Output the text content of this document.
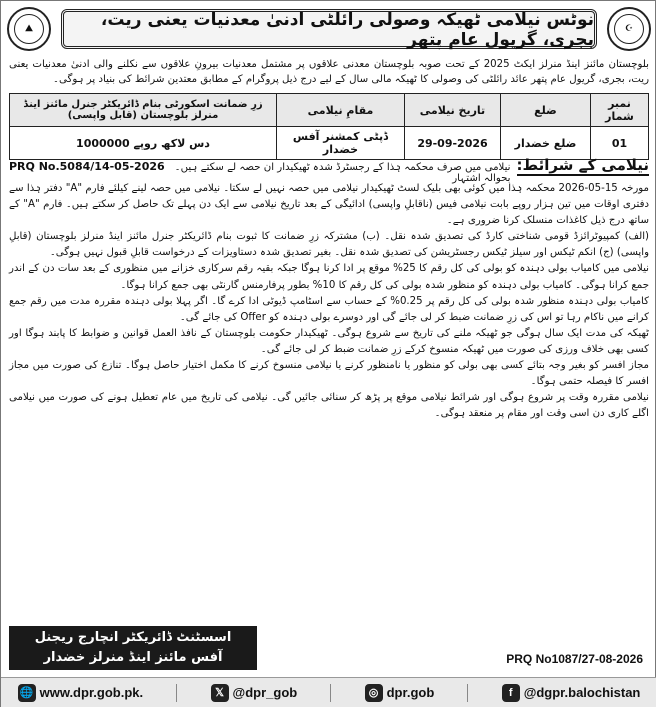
⛰	نوٹس نیلامی ٹھیکہ وصولی رائلٹی ادنیٰ معدنیات یعنی ریت، بجری، گریول عام پتھر
☪
بلوچستان مائنز اینڈ منرلز ایکٹ 2025 کے تحت صوبہ بلوچستان معدنی علاقوں پر مشتمل معدنیات بیرونِ علاقوں سے نکلنے والی ادنیٰ معدنیات یعنی ریت، بجری، گریول عام پتھر عائد رائلٹی کی وصولی کا ٹھیکہ مالی سال کے لیے درج ذیل پروگرام کے مطابق معتدین شرائط کی بنیاد پر ہوگی۔
نمبر شمار	ضلع	تاریخ نیلامی	مقامِ نیلامی	زرِ ضمانت اسکورٹی بنام ڈائریکٹر جنرل مائنز اینڈ منرلز بلوچستان (قابل واپسی)
01	ضلع خضدار	29-09-2026	ڈپٹی کمشنر آفس خضدار	دس لاکھ روپے 1000000
نیلامی کے شرائط:
نیلامی میں صرف محکمہ ہٰذا کے رجسٹرڈ شدہ ٹھیکیدار ان حصہ لے سکتے ہیں۔ بحوالہ اشتہار
PRQ No.5084/14-05-2026

مورخہ 15-05-2026 محکمہ ہٰذا میں کوئی بھی بلیک لسٹ ٹھیکیدار نیلامی میں حصہ نہیں لے سکتا۔ نیلامی میں حصہ لینے کیلئے فارم "A" دفتر ہٰذا سے دفتری اوقات میں تین ہزار روپے بابت نیلامی فیس (ناقابلِ واپسی) ادائیگی کے بعد تاریخ نیلامی سے ایک دن پہلے تک حاصل کر سکتے ہیں۔ فارم "A" کے ساتھ درج ذیل کاغذات منسلک کرنا ضروری ہے۔

(الف) کمپیوٹرائزڈ قومی شناختی کارڈ کی تصدیق شدہ نقل۔ (ب) مشترکہ زرِ ضمانت کا ثبوت بنام ڈائریکٹر جنرل مائنز اینڈ منرلز بلوچستان (قابلِ واپسی) (ج) انکم ٹیکس اور سیلز ٹیکس رجسٹریشن کی تصدیق شدہ نقل۔ بغیر تصدیق شدہ دستاویزات کے درخواست قابلِ قبول نہیں ہوگی۔

نیلامی میں کامیاب بولی دہندہ کو بولی کی کل رقم کا 25% موقع پر ادا کرنا ہوگا جبکہ بقیہ رقم سرکاری خزانے میں منظوری کے بعد سات دن کے اندر جمع کرانا ہوگی۔ کامیاب بولی دہندہ کو منظور شدہ بولی کی کل رقم کا 10% بطور پرفارمنس گارنٹی بھی جمع کرانا ہوگا۔

کامیاب بولی دہندہ منظور شدہ بولی کی کل رقم پر 0.25% کے حساب سے اسٹامپ ڈیوٹی ادا کرے گا۔ اگر پہلا بولی دہندہ مقررہ مدت میں رقم جمع کرانے میں ناکام رہا تو اس کی زرِ ضمانت ضبط کر لی جائے گی اور دوسرے بولی دہندہ کو Offer کی جائے گی۔

ٹھیکہ کی مدت ایک سال ہوگی جو ٹھیکہ ملنے کی تاریخ سے شروع ہوگی۔ ٹھیکیدار حکومت بلوچستان کے نافذ العمل قوانین و ضوابط کا پابند ہوگا اور کسی بھی خلاف ورزی کی صورت میں ٹھیکہ منسوخ کرکے زرِ ضمانت ضبط کر لی جائے گی۔

مجاز افسر کو بغیر وجہ بتائے کسی بھی بولی کو منظور یا نامنظور کرنے یا نیلامی منسوخ کرنے کا مکمل اختیار حاصل ہوگا۔ تنازع کی صورت میں مجاز افسر کا فیصلہ حتمی ہوگا۔

نیلامی مقررہ وقت پر شروع ہوگی اور شرائط نیلامی موقع پر پڑھ کر سنائی جائیں گی۔ نیلامی کی تاریخ میں عام تعطیل ہونے کی صورت میں نیلامی اگلے کاری دن اسی وقت اور مقام پر منعقد ہوگی۔

اسسٹنٹ ڈائریکٹر انچارج ریجنل
آفس مائنز اینڈ منرلز خضدار	PRQ No1087/27-08-2026
🌐 www.dpr.gob.pk.	𝕏 @dpr_gob	◎ dpr.gob	f @dgpr.balochistan
